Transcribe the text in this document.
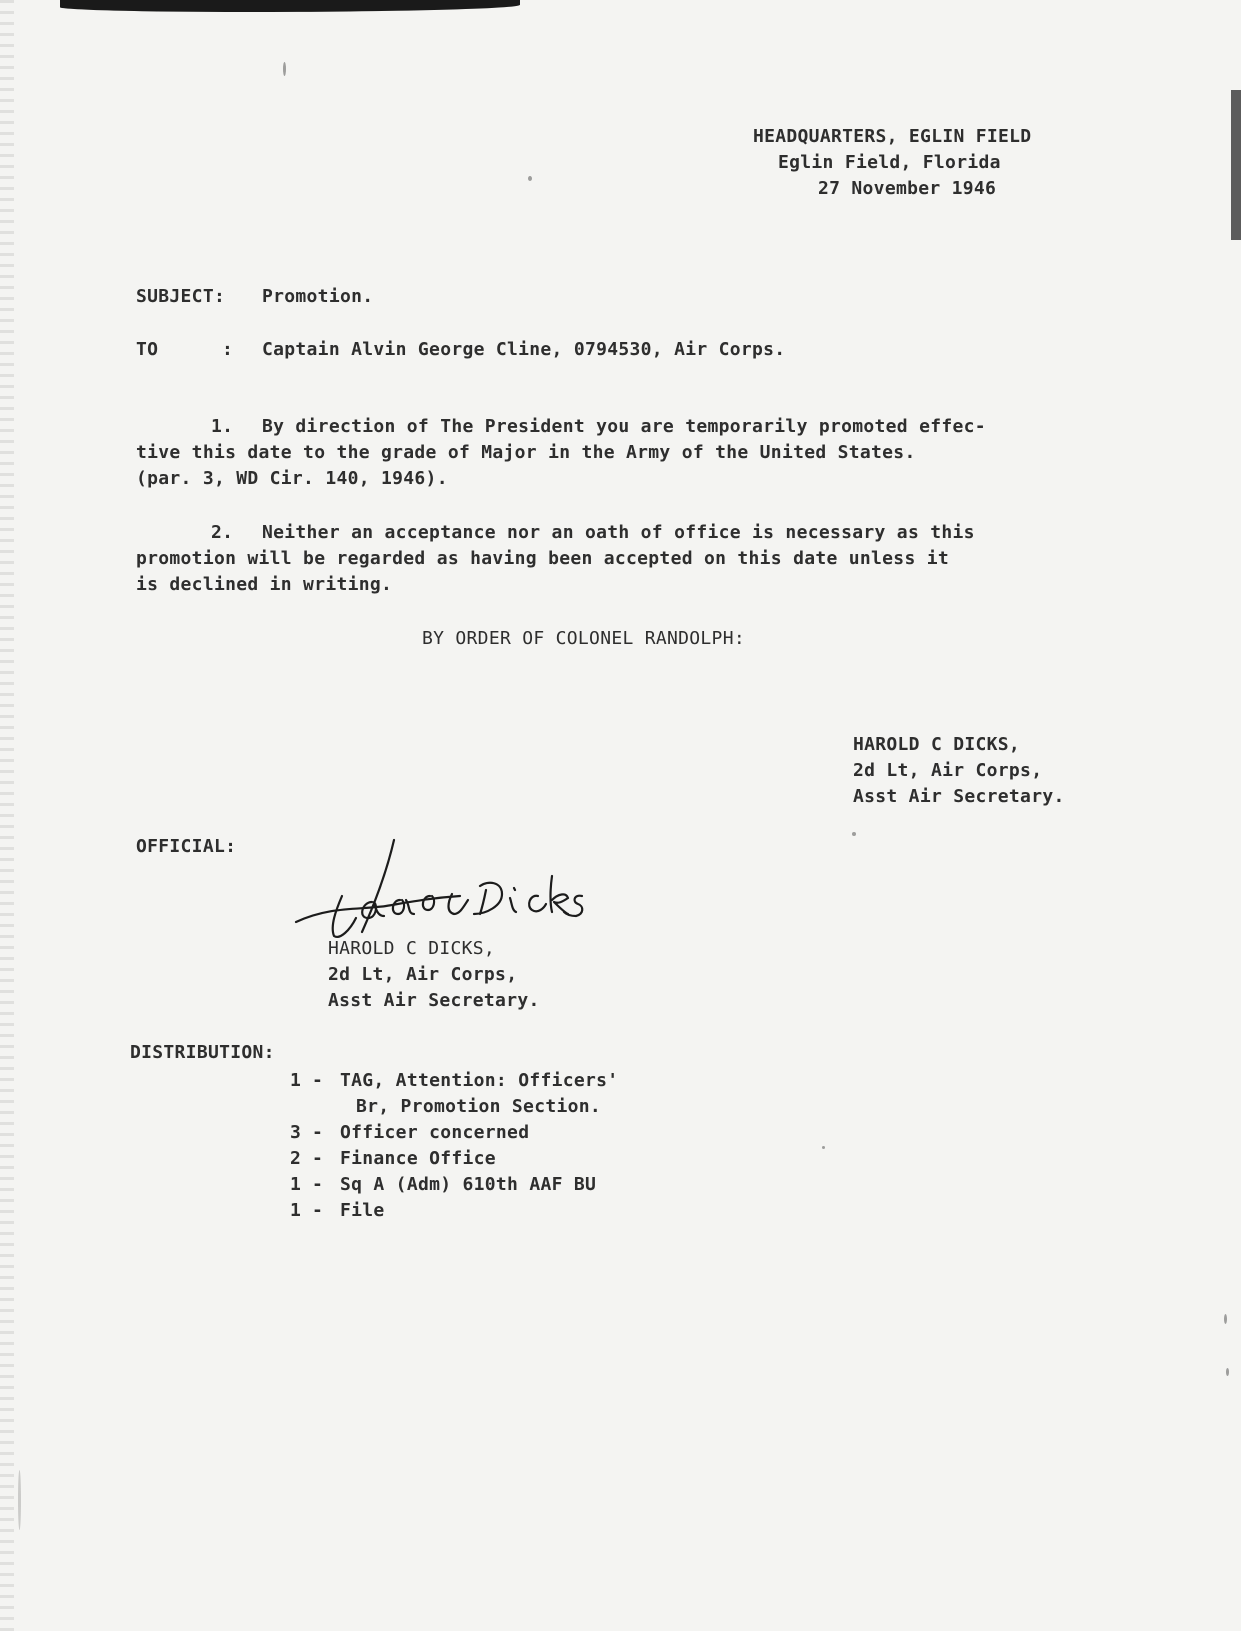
HEADQUARTERS, EGLIN FIELD
Eglin Field, Florida
27 November 1946
SUBJECT: Promotion.
TO	: Captain Alvin George Cline, 0794530, Air Corps.
1. By direction of The President you are temporarily promoted effec-
tive this date to the grade of Major in the Army of the United States.
(par. 3, WD Cir. 140, 1946).
2. Neither an acceptance nor an oath of office is necessary as this
promotion will be regarded as having been accepted on this date unless it
is declined in writing.
BY ORDER OF COLONEL RANDOLPH:
HAROLD C DICKS,
2d Lt, Air Corps,
Asst Air Secretary.
OFFICIAL:
HAROLD C DICKS,
2d Lt, Air Corps,
Asst Air Secretary.
DISTRIBUTION:
1 - TAG, Attention: Officers'
Br, Promotion Section.
3 - Officer concerned
2 - Finance Office
1 - Sq A (Adm) 610th AAF BU
1 - File
